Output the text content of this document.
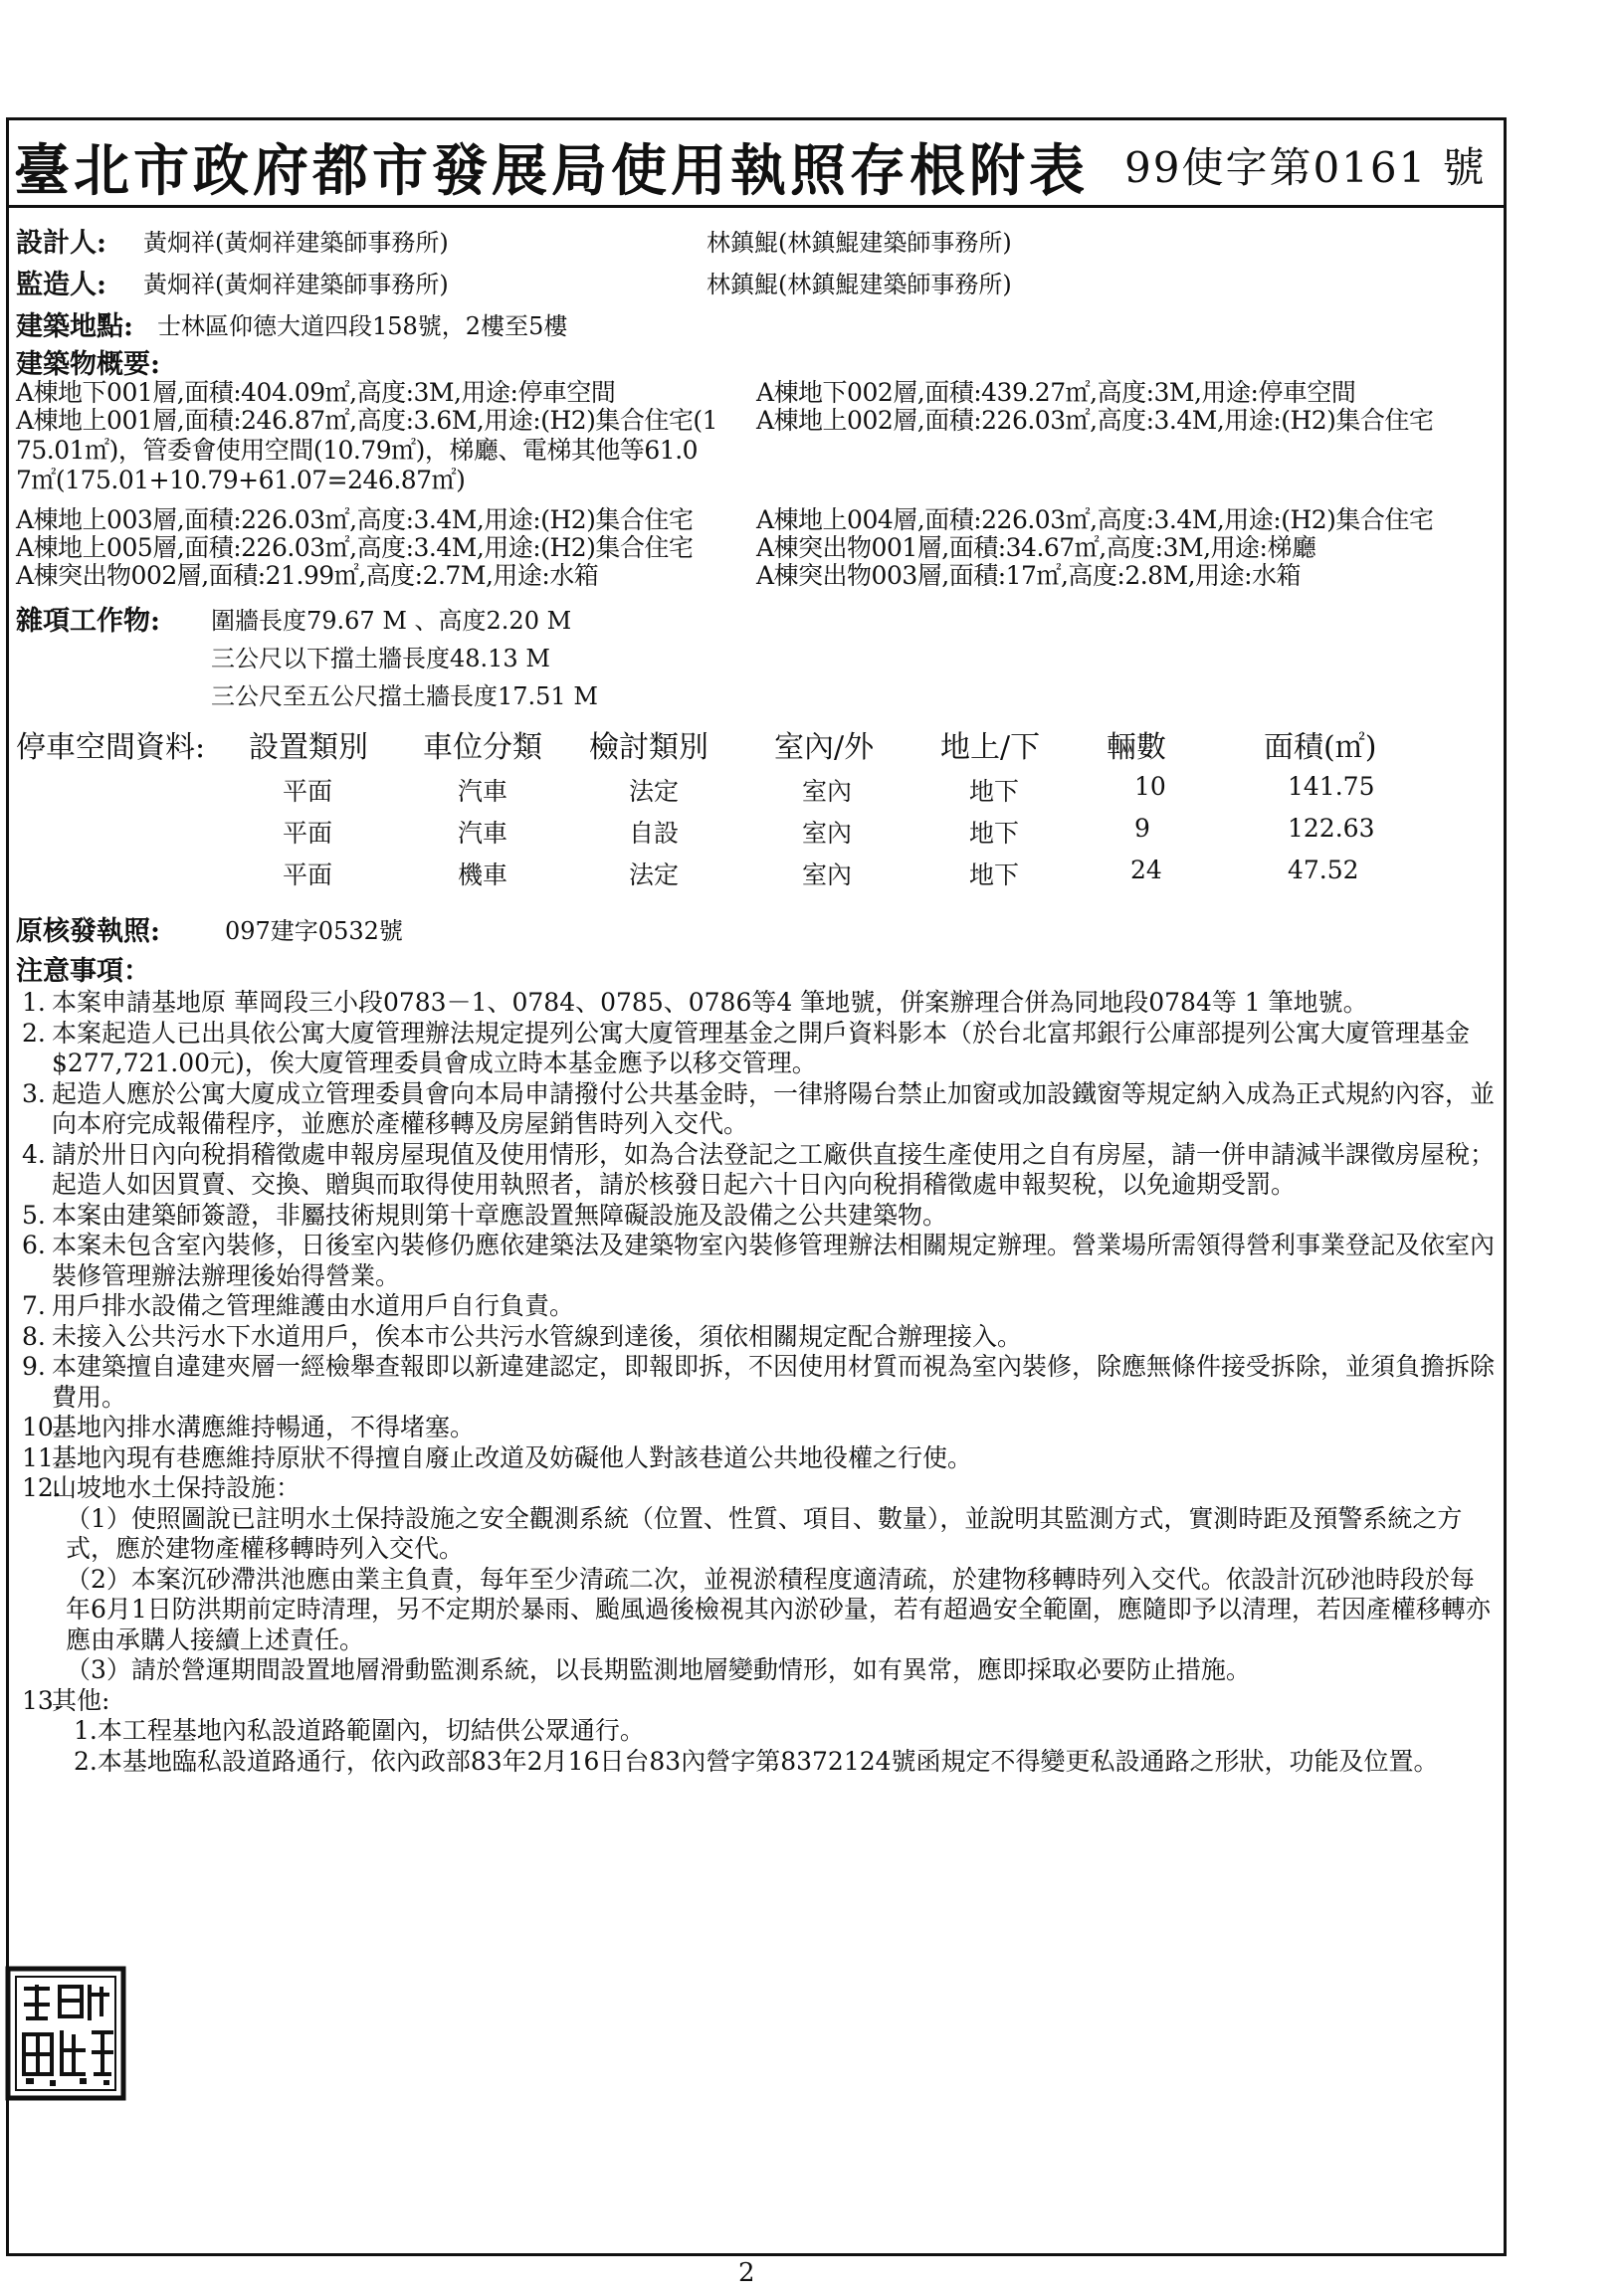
臺北市政府都市發展局使用執照存根附表 99使字第0161 號
設計人: 黃炯祥(黃炯祥建築師事務所)	林鎮鯤(林鎮鯤建築師事務所)
監造人: 黃炯祥(黃炯祥建築師事務所)	林鎮鯤(林鎮鯤建築師事務所)
建築地點: 士林區仰德大道四段158號，2樓至5樓
建築物概要:
A棟地下001層,面積:404.09㎡,高度:3M,用途:停車空間	A棟地下002層,面積:439.27㎡,高度:3M,用途:停車空間
A棟地上001層,面積:246.87㎡,高度:3.6M,用途:(H2)集合住宅(1 A棟地上002層,面積:226.03㎡,高度:3.4M,用途:(H2)集合住宅
75.01㎡)，管委會使用空間(10.79㎡)，梯廳、電梯其他等61.0
7㎡(175.01+10.79+61.07=246.87㎡)
A棟地上003層,面積:226.03㎡,高度:3.4M,用途:(H2)集合住宅	A棟地上004層,面積:226.03㎡,高度:3.4M,用途:(H2)集合住宅
A棟地上005層,面積:226.03㎡,高度:3.4M,用途:(H2)集合住宅	A棟突出物001層,面積:34.67㎡,高度:3M,用途:梯廳
A棟突出物002層,面積:21.99㎡,高度:2.7M,用途:水箱	A棟突出物003層,面積:17㎡,高度:2.8M,用途:水箱
雜項工作物: 圍牆長度79.67 M 、高度2.20 M
三公尺以下擋土牆長度48.13 M
三公尺至五公尺擋土牆長度17.51 M
停車空間資料: 設置類別 車位分類 檢討類別 室內/外 地上/下 輛數	面積(㎡)
平面	汽車	法定	室內	地下	10	141.75
平面	汽車	自設	室內	地下	9	122.63
平面	機車	法定	室內	地下	24	47.52
原核發執照:	097建字0532號
注意事項：
1. 本案申請基地原 華岡段三小段0783－1、0784、0785、0786等4 筆地號，併案辦理合併為同地段0784等 1 筆地號。
2. 本案起造人已出具依公寓大廈管理辦法規定提列公寓大廈管理基金之開戶資料影本（於台北富邦銀行公庫部提列公寓大廈管理基金$277,721.00元)，俟大廈管理委員會成立時本基金應予以移交管理。
3. 起造人應於公寓大廈成立管理委員會向本局申請撥付公共基金時，一律將陽台禁止加窗或加設鐵窗等規定納入成為正式規約內容，並向本府完成報備程序，並應於產權移轉及房屋銷售時列入交代。
4. 請於卅日內向稅捐稽徵處申報房屋現值及使用情形，如為合法登記之工廠供直接生產使用之自有房屋，請一併申請減半課徵房屋稅；起造人如因買賣、交換、贈與而取得使用執照者，請於核發日起六十日內向稅捐稽徵處申報契稅，以免逾期受罰。
5. 本案由建築師簽證，非屬技術規則第十章應設置無障礙設施及設備之公共建築物。
6. 本案未包含室內裝修，日後室內裝修仍應依建築法及建築物室內裝修管理辦法相關規定辦理。營業場所需領得營利事業登記及依室內裝修管理辦法辦理後始得營業。
7. 用戶排水設備之管理維護由水道用戶自行負責。
8. 未接入公共污水下水道用戶，俟本市公共污水管線到達後，須依相關規定配合辦理接入。
9. 本建築擅自違建夾層一經檢舉查報即以新違建認定，即報即拆，不因使用材質而視為室內裝修，除應無條件接受拆除，並須負擔拆除費用。
10.
基地內排水溝應維持暢通，不得堵塞。
11.
基地內現有巷應維持原狀不得擅自廢止改道及妨礙他人對該巷道公共地役權之行使。
12.
山坡地水土保持設施：
（1）使照圖說已註明水土保持設施之安全觀測系統（位置、性質、項目、數量），並說明其監測方式，實測時距及預警系統之方式，應於建物產權移轉時列入交代。
（2）本案沉砂滯洪池應由業主負責，每年至少清疏二次，並視淤積程度適清疏，於建物移轉時列入交代。依設計沉砂池時段於每年6月1日防洪期前定時清理，另不定期於暴雨、颱風過後檢視其內淤砂量，若有超過安全範圍，應隨即予以清理，若因產權移轉亦應由承購人接續上述責任。
（3）請於營運期間設置地層滑動監測系統，以長期監測地層變動情形，如有異常，應即採取必要防止措施。
13.
其他:
1.本工程基地內私設道路範圍內，切結供公眾通行。
2.本基地臨私設道路通行，依內政部83年2月16日台83內營字第8372124號函規定不得變更私設通路之形狀，功能及位置。
2
